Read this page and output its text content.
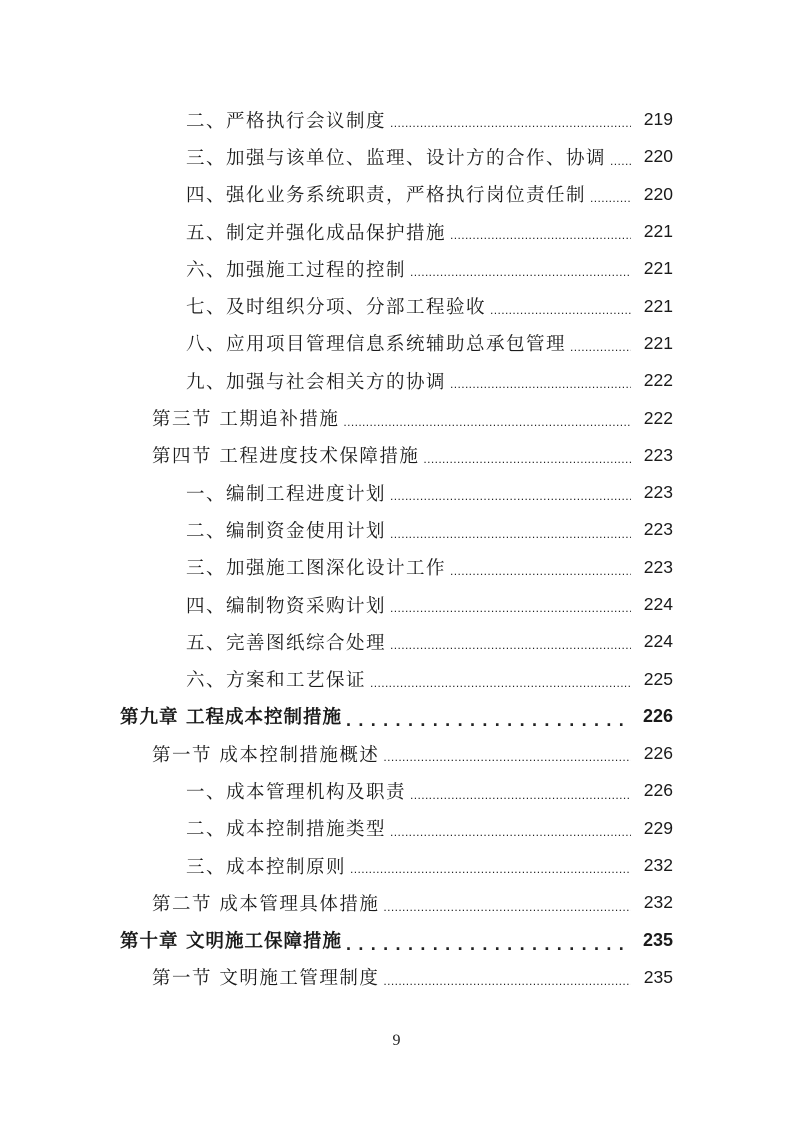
二、严格执行会议制度 .....	219
三、加强与该单位、监理、设计方的合作、协调 .....	220
四、强化业务系统职责，严格执行岗位责任制 .....	220
五、制定并强化成品保护措施 .....	221
六、加强施工过程的控制 .....	221
七、及时组织分项、分部工程验收 .....	221
八、应用项目管理信息系统辅助总承包管理 .....	221
九、加强与社会相关方的协调 .....	222
第三节 工期追补措施 .....	222
第四节 工程进度技术保障措施 .....	223
一、编制工程进度计划 .....	223
二、编制资金使用计划 .....	223
三、加强施工图深化设计工作 .....	223
四、编制物资采购计划 .....	224
五、完善图纸综合处理 .....	224
六、方案和工艺保证 .....	225
第九章 工程成本控制措施 . . .	226
第一节 成本控制措施概述 .....	226
一、成本管理机构及职责 .....	226
二、成本控制措施类型 .....	229
三、成本控制原则 .....	232
第二节 成本管理具体措施 .....	232
第十章 文明施工保障措施 . . .	235
第一节 文明施工管理制度 .....	235
9
